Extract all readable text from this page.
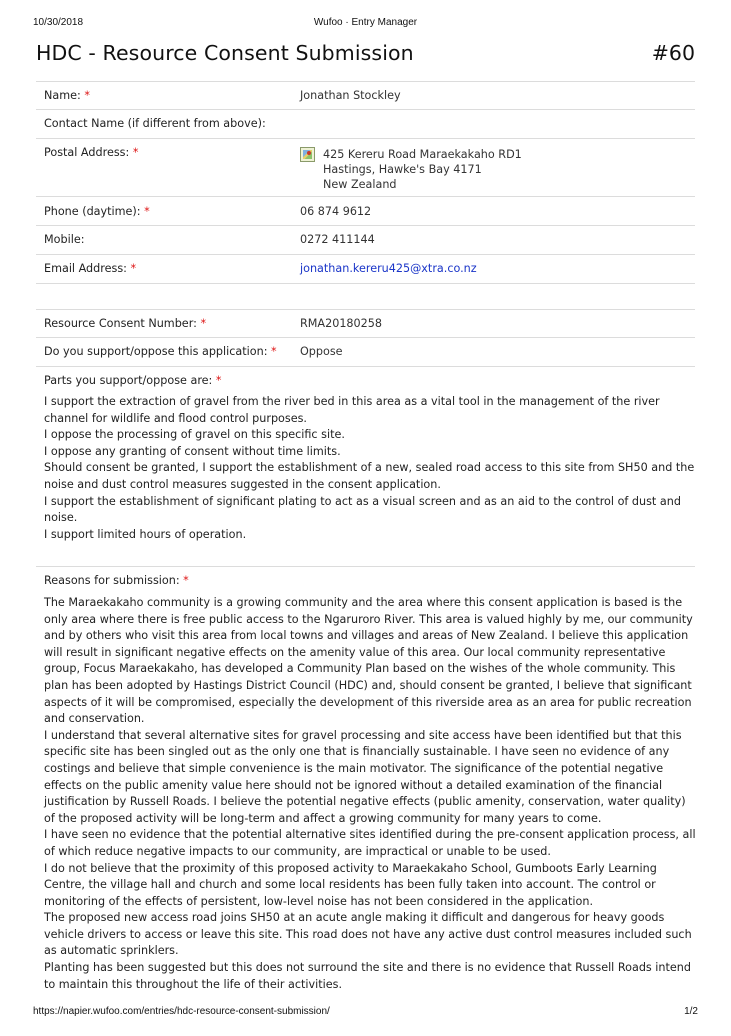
10/30/2018	Wufoo · Entry Manager
HDC - Resource Consent Submission	#60
Name: *	Jonathan Stockley
Contact Name (if different from above):
Postal Address: *	425 Kereru Road Maraekakaho RD1
Hastings, Hawke's Bay 4171
New Zealand
Phone (daytime): *	06 874 9612
Mobile:	0272 411144
Email Address: *	jonathan.kereru425@xtra.co.nz
Resource Consent Number: *	RMA20180258
Do you support/oppose this application: * Oppose
Parts you support/oppose are: *

I support the extraction of gravel from the river bed in this area as a vital tool in the management of the river channel for wildlife and flood control purposes.

I oppose the processing of gravel on this specific site.

I oppose any granting of consent without time limits.

Should consent be granted, I support the establishment of a new, sealed road access to this site from SH50 and the noise and dust control measures suggested in the consent application.

I support the establishment of significant plating to act as a visual screen and as an aid to the control of dust and noise.

I support limited hours of operation.

Reasons for submission: *

The Maraekakaho community is a growing community and the area where this consent application is based is the only area where there is free public access to the Ngaruroro River. This area is valued highly by me, our community and by others who visit this area from local towns and villages and areas of New Zealand. I believe this application will result in significant negative effects on the amenity value of this area. Our local community representative group, Focus Maraekakaho, has developed a Community Plan based on the wishes of the whole community. This plan has been adopted by Hastings District Council (HDC) and, should consent be granted, I believe that significant aspects of it will be compromised, especially the development of this riverside area as an area for public recreation and conservation.

I understand that several alternative sites for gravel processing and site access have been identified but that this specific site has been singled out as the only one that is financially sustainable. I have seen no evidence of any costings and believe that simple convenience is the main motivator. The significance of the potential negative effects on the public amenity value here should not be ignored without a detailed examination of the financial justification by Russell Roads. I believe the potential negative effects (public amenity, conservation, water quality) of the proposed activity will be long-term and affect a growing community for many years to come.

I have seen no evidence that the potential alternative sites identified during the pre-consent application process, all of which reduce negative impacts to our community, are impractical or unable to be used.

I do not believe that the proximity of this proposed activity to Maraekakaho School, Gumboots Early Learning Centre, the village hall and church and some local residents has been fully taken into account. The control or monitoring of the effects of persistent, low-level noise has not been considered in the application.

The proposed new access road joins SH50 at an acute angle making it difficult and dangerous for heavy goods vehicle drivers to access or leave this site. This road does not have any active dust control measures included such as automatic sprinklers.

Planting has been suggested but this does not surround the site and there is no evidence that Russell Roads intend to maintain this throughout the life of their activities.

https://napier.wufoo.com/entries/hdc-resource-consent-submission/	1/2
